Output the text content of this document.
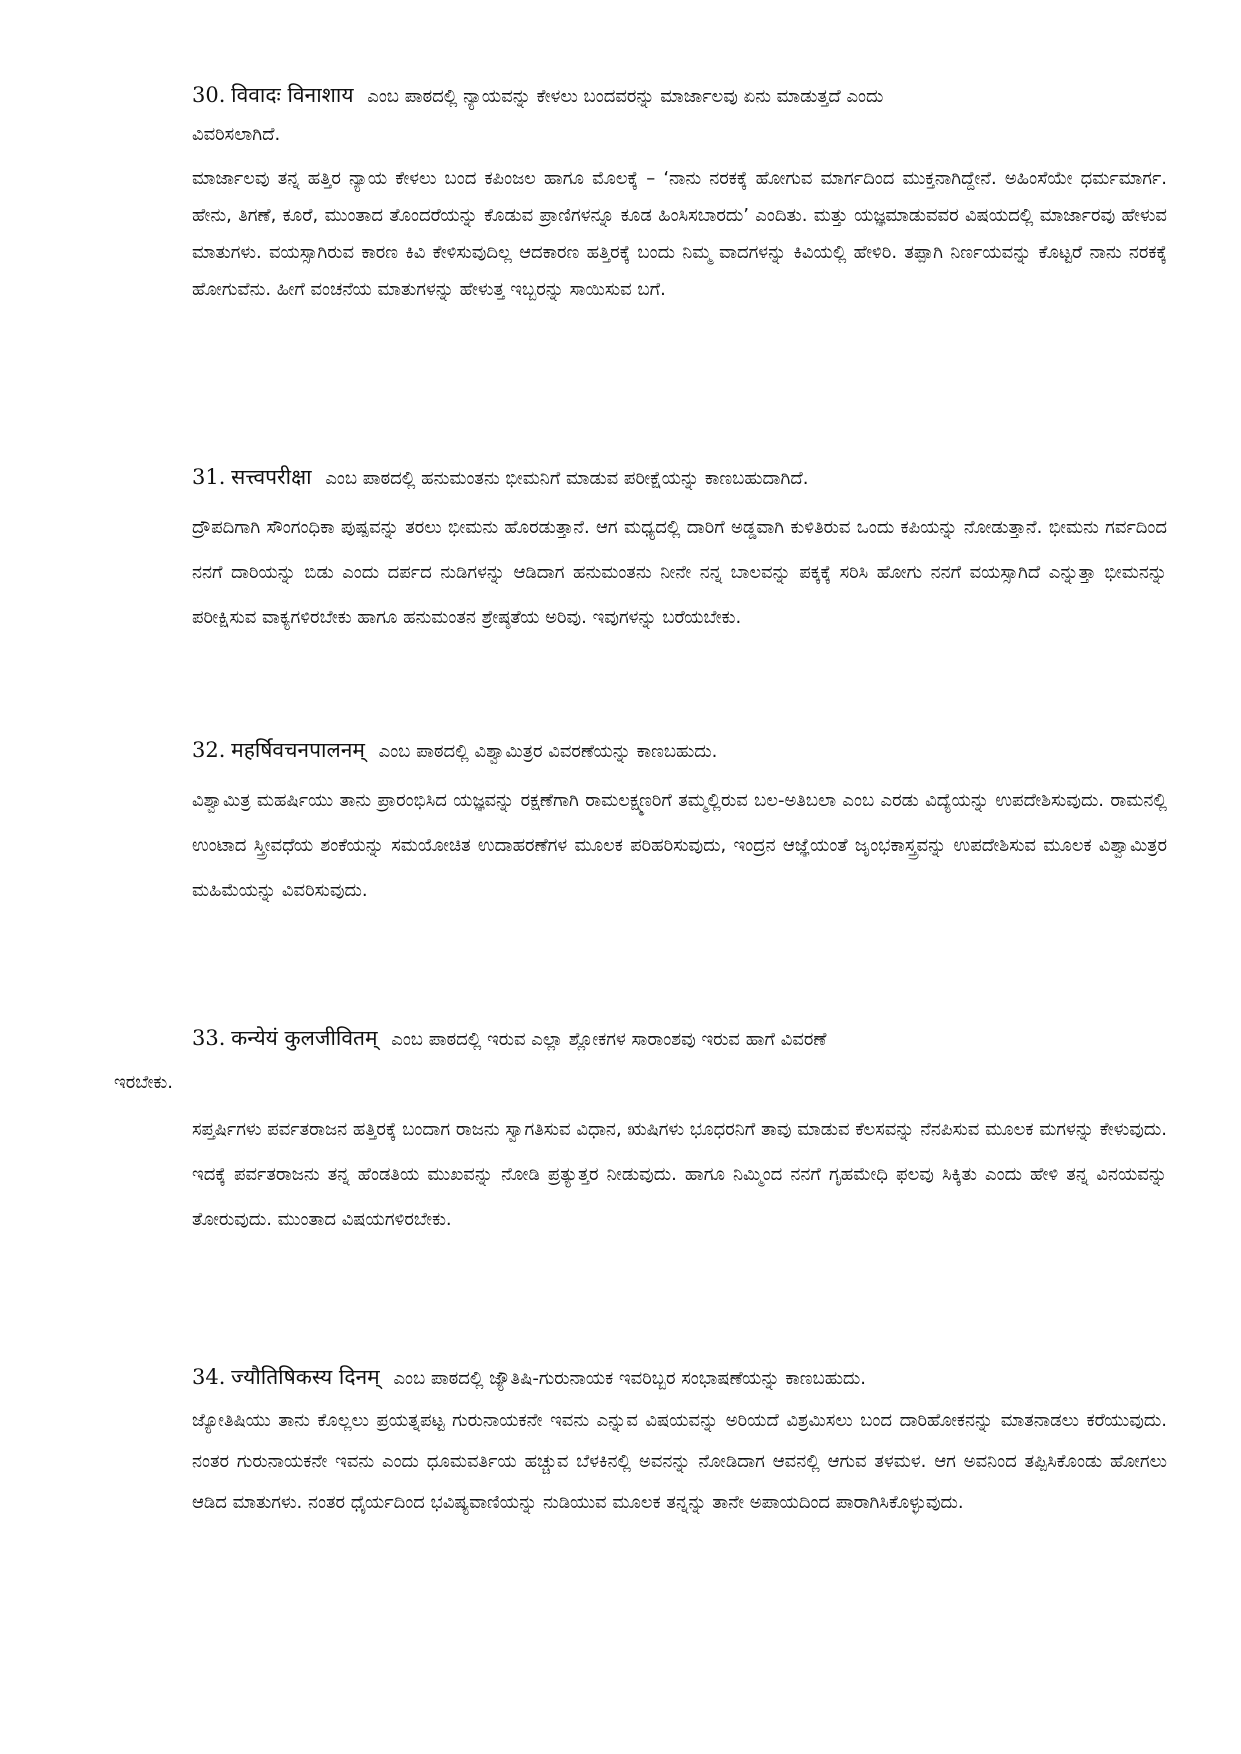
30. विवादः विनाशाय ಎಂಬ ಪಾಠದಲ್ಲಿ ನ್ಯಾಯವನ್ನು ಕೇಳಲು ಬಂದವರನ್ನು ಮಾರ್ಜಾಲವು ಏನು ಮಾಡುತ್ತದೆ ಎಂದು
ವಿವರಿಸಲಾಗಿದೆ.

ಮಾರ್ಜಾಲವು ತನ್ನ ಹತ್ತಿರ ನ್ಯಾಯ ಕೇಳಲು ಬಂದ ಕಪಿಂಜಲ ಹಾಗೂ ಮೊಲಕ್ಕೆ – ‘ನಾನು ನರಕಕ್ಕೆ ಹೋಗುವ ಮಾರ್ಗದಿಂದ ಮುಕ್ತನಾಗಿದ್ದೇನೆ. ಅಹಿಂಸೆಯೇ ಧರ್ಮಮಾರ್ಗ. ಹೇನು, ತಿಗಣೆ, ಕೂರೆ, ಮುಂತಾದ ತೊಂದರೆಯನ್ನು ಕೊಡುವ ಪ್ರಾಣಿಗಳನ್ನೂ ಕೂಡ ಹಿಂಸಿಸಬಾರದು’ ಎಂದಿತು. ಮತ್ತು ಯಜ್ಞಮಾಡುವವರ ವಿಷಯದಲ್ಲಿ ಮಾರ್ಜಾರವು ಹೇಳುವ ಮಾತುಗಳು. ವಯಸ್ಸಾಗಿರುವ ಕಾರಣ ಕಿವಿ ಕೇಳಿಸುವುದಿಲ್ಲ ಆದಕಾರಣ ಹತ್ತಿರಕ್ಕೆ ಬಂದು ನಿಮ್ಮ ವಾದಗಳನ್ನು ಕಿವಿಯಲ್ಲಿ ಹೇಳಿರಿ. ತಪ್ಪಾಗಿ ನಿರ್ಣಯವನ್ನು ಕೊಟ್ಟರೆ ನಾನು ನರಕಕ್ಕೆ ಹೋಗುವೆನು. ಹೀಗೆ ವಂಚನೆಯ ಮಾತುಗಳನ್ನು ಹೇಳುತ್ತ ಇಬ್ಬರನ್ನು ಸಾಯಿಸುವ ಬಗೆ.

31. सत्त्वपरीक्षा ಎಂಬ ಪಾಠದಲ್ಲಿ ಹನುಮಂತನು ಭೀಮನಿಗೆ ಮಾಡುವ ಪರೀಕ್ಷೆಯನ್ನು ಕಾಣಬಹುದಾಗಿದೆ.

ದ್ರೌಪದಿಗಾಗಿ ಸೌಂಗಂಧಿಕಾ ಪುಷ್ಪವನ್ನು ತರಲು ಭೀಮನು ಹೊರಡುತ್ತಾನೆ. ಆಗ ಮಧ್ಯದಲ್ಲಿ ದಾರಿಗೆ ಅಡ್ಡವಾಗಿ ಕುಳಿತಿರುವ ಒಂದು ಕಪಿಯನ್ನು ನೋಡುತ್ತಾನೆ. ಭೀಮನು ಗರ್ವದಿಂದ ನನಗೆ ದಾರಿಯನ್ನು ಬಿಡು ಎಂದು ದರ್ಪದ ನುಡಿಗಳನ್ನು ಆಡಿದಾಗ ಹನುಮಂತನು ನೀನೇ ನನ್ನ ಬಾಲವನ್ನು ಪಕ್ಕಕ್ಕೆ ಸರಿಸಿ ಹೋಗು ನನಗೆ ವಯಸ್ಸಾಗಿದೆ ಎನ್ನುತ್ತಾ ಭೀಮನನ್ನು ಪರೀಕ್ಷಿಸುವ ವಾಕ್ಯಗಳಿರಬೇಕು ಹಾಗೂ ಹನುಮಂತನ ಶ್ರೇಷ್ಠತೆಯ ಅರಿವು. ಇವುಗಳನ್ನು ಬರೆಯಬೇಕು.

32. महर्षिवचनपालनम् ಎಂಬ ಪಾಠದಲ್ಲಿ ವಿಶ್ವಾಮಿತ್ರರ ವಿವರಣೆಯನ್ನು ಕಾಣಬಹುದು.

ವಿಶ್ವಾಮಿತ್ರ ಮಹರ್ಷಿಯು ತಾನು ಪ್ರಾರಂಭಿಸಿದ ಯಜ್ಞವನ್ನು ರಕ್ಷಣೆಗಾಗಿ ರಾಮಲಕ್ಷ್ಮಣರಿಗೆ ತಮ್ಮಲ್ಲಿರುವ ಬಲ-ಅತಿಬಲಾ ಎಂಬ ಎರಡು ವಿದ್ಯೆಯನ್ನು ಉಪದೇಶಿಸುವುದು. ರಾಮನಲ್ಲಿ ಉಂಟಾದ ಸ್ತ್ರೀವಧೆಯ ಶಂಕೆಯನ್ನು ಸಮಯೋಚಿತ ಉದಾಹರಣೆಗಳ ಮೂಲಕ ಪರಿಹರಿಸುವುದು, ಇಂದ್ರನ ಆಜ್ಞೆಯಂತೆ ಜೃಂಭಕಾಸ್ತ್ರವನ್ನು ಉಪದೇಶಿಸುವ ಮೂಲಕ ವಿಶ್ವಾಮಿತ್ರರ ಮಹಿಮೆಯನ್ನು ವಿವರಿಸುವುದು.

33. कन्येयं कुलजीवितम् ಎಂಬ ಪಾಠದಲ್ಲಿ ಇರುವ ಎಲ್ಲಾ ಶ್ಲೋಕಗಳ ಸಾರಾಂಶವು ಇರುವ ಹಾಗೆ ವಿವರಣೆ
ಇರಬೇಕು.

ಸಪ್ತರ್ಷಿಗಳು ಪರ್ವತರಾಜನ ಹತ್ತಿರಕ್ಕೆ ಬಂದಾಗ ರಾಜನು ಸ್ವಾಗತಿಸುವ ವಿಧಾನ, ಋಷಿಗಳು ಭೂಧರನಿಗೆ ತಾವು ಮಾಡುವ ಕೆಲಸವನ್ನು ನೆನಪಿಸುವ ಮೂಲಕ ಮಗಳನ್ನು ಕೇಳುವುದು. ಇದಕ್ಕೆ ಪರ್ವತರಾಜನು ತನ್ನ ಹೆಂಡತಿಯ ಮುಖವನ್ನು ನೋಡಿ ಪ್ರತ್ಯುತ್ತರ ನೀಡುವುದು. ಹಾಗೂ ನಿಮ್ಮಿಂದ ನನಗೆ ಗೃಹಮೇಧಿ ಫಲವು ಸಿಕ್ಕಿತು ಎಂದು ಹೇಳಿ ತನ್ನ ವಿನಯವನ್ನು ತೋರುವುದು. ಮುಂತಾದ ವಿಷಯಗಳಿರಬೇಕು.

34. ज्यौतिषिकस्य दिनम् ಎಂಬ ಪಾಠದಲ್ಲಿ ಜ್ಯೌತಿಷಿ-ಗುರುನಾಯಕ ಇವರಿಬ್ಬರ ಸಂಭಾಷಣೆಯನ್ನು ಕಾಣಬಹುದು.

ಜ್ಯೋತಿಷಿಯು ತಾನು ಕೊಲ್ಲಲು ಪ್ರಯತ್ನಪಟ್ಟ ಗುರುನಾಯಕನೇ ಇವನು ಎನ್ನುವ ವಿಷಯವನ್ನು ಅರಿಯದೆ ವಿಶ್ರಮಿಸಲು ಬಂದ ದಾರಿಹೋಕನನ್ನು ಮಾತನಾಡಲು ಕರೆಯುವುದು. ನಂತರ ಗುರುನಾಯಕನೇ ಇವನು ಎಂದು ಧೂಮವರ್ತಿಯ ಹಚ್ಚುವ ಬೆಳಕಿನಲ್ಲಿ ಅವನನ್ನು ನೋಡಿದಾಗ ಆವನಲ್ಲಿ ಆಗುವ ತಳಮಳ. ಆಗ ಅವನಿಂದ ತಪ್ಪಿಸಿಕೊಂಡು ಹೋಗಲು ಆಡಿದ ಮಾತುಗಳು. ನಂತರ ಧೈರ್ಯದಿಂದ ಭವಿಷ್ಯವಾಣಿಯನ್ನು ನುಡಿಯುವ ಮೂಲಕ ತನ್ನನ್ನು ತಾನೇ ಅಪಾಯದಿಂದ ಪಾರಾಗಿಸಿಕೊಳ್ಳುವುದು.
